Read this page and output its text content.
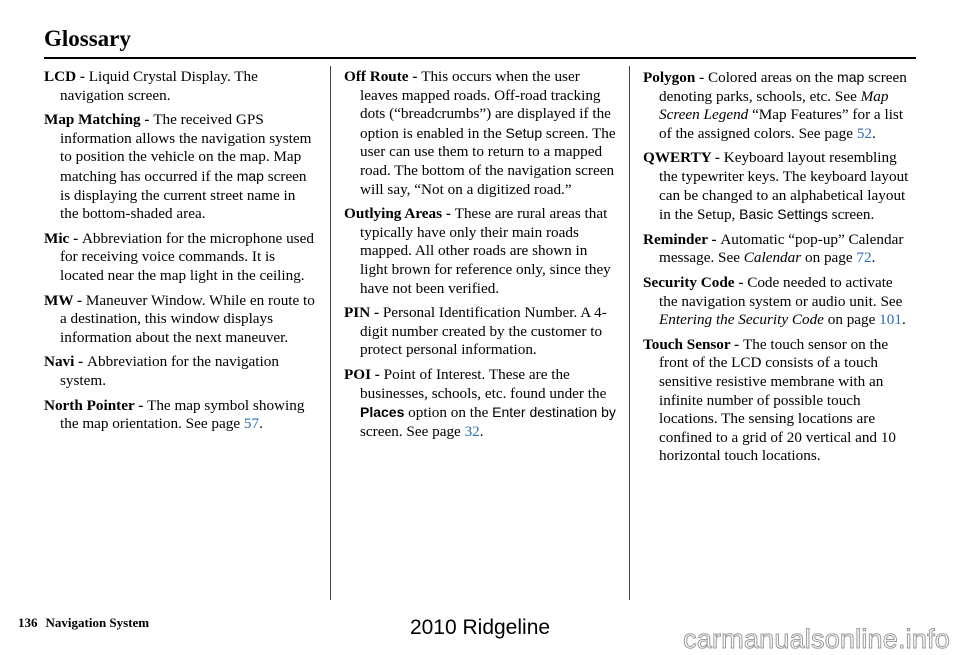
Glossary

LCD - Liquid Crystal Display. The navigation screen.

Map Matching - The received GPS information allows the navigation system to position the vehicle on the map. Map matching has occurred if the map screen is displaying the current street name in the bottom-shaded area.

Mic - Abbreviation for the microphone used for receiving voice commands. It is located near the map light in the ceiling.

MW - Maneuver Window. While en route to a destination, this window displays information about the next maneuver.

Navi - Abbreviation for the navigation system.

North Pointer - The map symbol showing the map orientation. See page 57.

Off Route - This occurs when the user leaves mapped roads. Off-road tracking dots (“breadcrumbs”) are displayed if the option is enabled in the Setup screen. The user can use them to return to a mapped road. The bottom of the navigation screen will say, “Not on a digitized road.”

Outlying Areas - These are rural areas that typically have only their main roads mapped. All other roads are shown in light brown for reference only, since they have not been verified.

PIN - Personal Identification Number. A 4-digit number created by the customer to protect personal information.

POI - Point of Interest. These are the businesses, schools, etc. found under the Places option on the Enter destination by screen. See page 32.

Polygon - Colored areas on the map screen denoting parks, schools, etc. See Map Screen Legend “Map Features” for a list of the assigned colors. See page 52.

QWERTY - Keyboard layout resembling the typewriter keys. The keyboard layout can be changed to an alphabetical layout in the Setup, Basic Settings screen.

Reminder - Automatic “pop-up” Calendar message. See Calendar on page 72.

Security Code - Code needed to activate the navigation system or audio unit. See Entering the Security Code on page 101.

Touch Sensor - The touch sensor on the front of the LCD consists of a touch sensitive resistive membrane with an infinite number of possible touch locations. The sensing locations are confined to a grid of 20 vertical and 10 horizontal touch locations.

136 Navigation System	2010 Ridgeline	carmanualsonline.info
